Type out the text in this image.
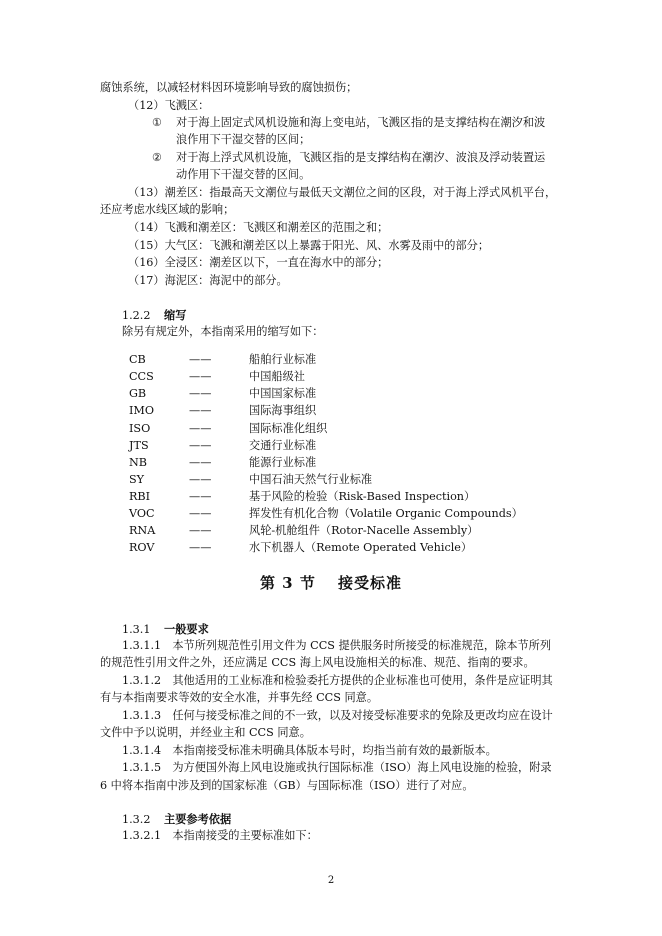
腐蚀系统，以减轻材料因环境影响导致的腐蚀损伤；
（12）飞溅区：
① 对于海上固定式风机设施和海上变电站，飞溅区指的是支撑结构在潮汐和波
浪作用下干湿交替的区间；
② 对于海上浮式风机设施，飞溅区指的是支撑结构在潮汐、波浪及浮动装置运
动作用下干湿交替的区间。
（13）潮差区：指最高天文潮位与最低天文潮位之间的区段，对于海上浮式风机平台，
还应考虑水线区域的影响；
（14）飞溅和潮差区：飞溅区和潮差区的范围之和；
（15）大气区：飞溅和潮差区以上暴露于阳光、风、水雾及雨中的部分；
（16）全浸区：潮差区以下，一直在海水中的部分；
（17）海泥区：海泥中的部分。
1.2.2 缩写
除另有规定外，本指南采用的缩写如下：
CB	——	船舶行业标准
CCS	——	中国船级社
GB	——	中国国家标准
IMO	——	国际海事组织
ISO	——	国际标准化组织
JTS	——	交通行业标准
NB	——	能源行业标准
SY	——	中国石油天然气行业标准
RBI	——	基于风险的检验（Risk-Based Inspection）
VOC	——	挥发性有机化合物（Volatile Organic Compounds）
RNA	——	风轮-机舱组件（Rotor-Nacelle Assembly）
ROV	——	水下机器人（Remote Operated Vehicle）
第 3 节　 接受标准
1.3.1 一般要求
1.3.1.1　本节所列规范性引用文件为 CCS 提供服务时所接受的标准规范，除本节所列
的规范性引用文件之外，还应满足 CCS 海上风电设施相关的标准、规范、指南的要求。
1.3.1.2　其他适用的工业标准和检验委托方提供的企业标准也可使用，条件是应证明其
有与本指南要求等效的安全水准，并事先经 CCS 同意。
1.3.1.3　任何与接受标准之间的不一致，以及对接受标准要求的免除及更改均应在设计
文件中予以说明，并经业主和 CCS 同意。
1.3.1.4　本指南接受标准未明确具体版本号时，均指当前有效的最新版本。
1.3.1.5　为方便国外海上风电设施或执行国际标准（ISO）海上风电设施的检验，附录
6 中将本指南中涉及到的国家标准（GB）与国际标准（ISO）进行了对应。
1.3.2 主要参考依据
1.3.2.1　本指南接受的主要标准如下：
2
